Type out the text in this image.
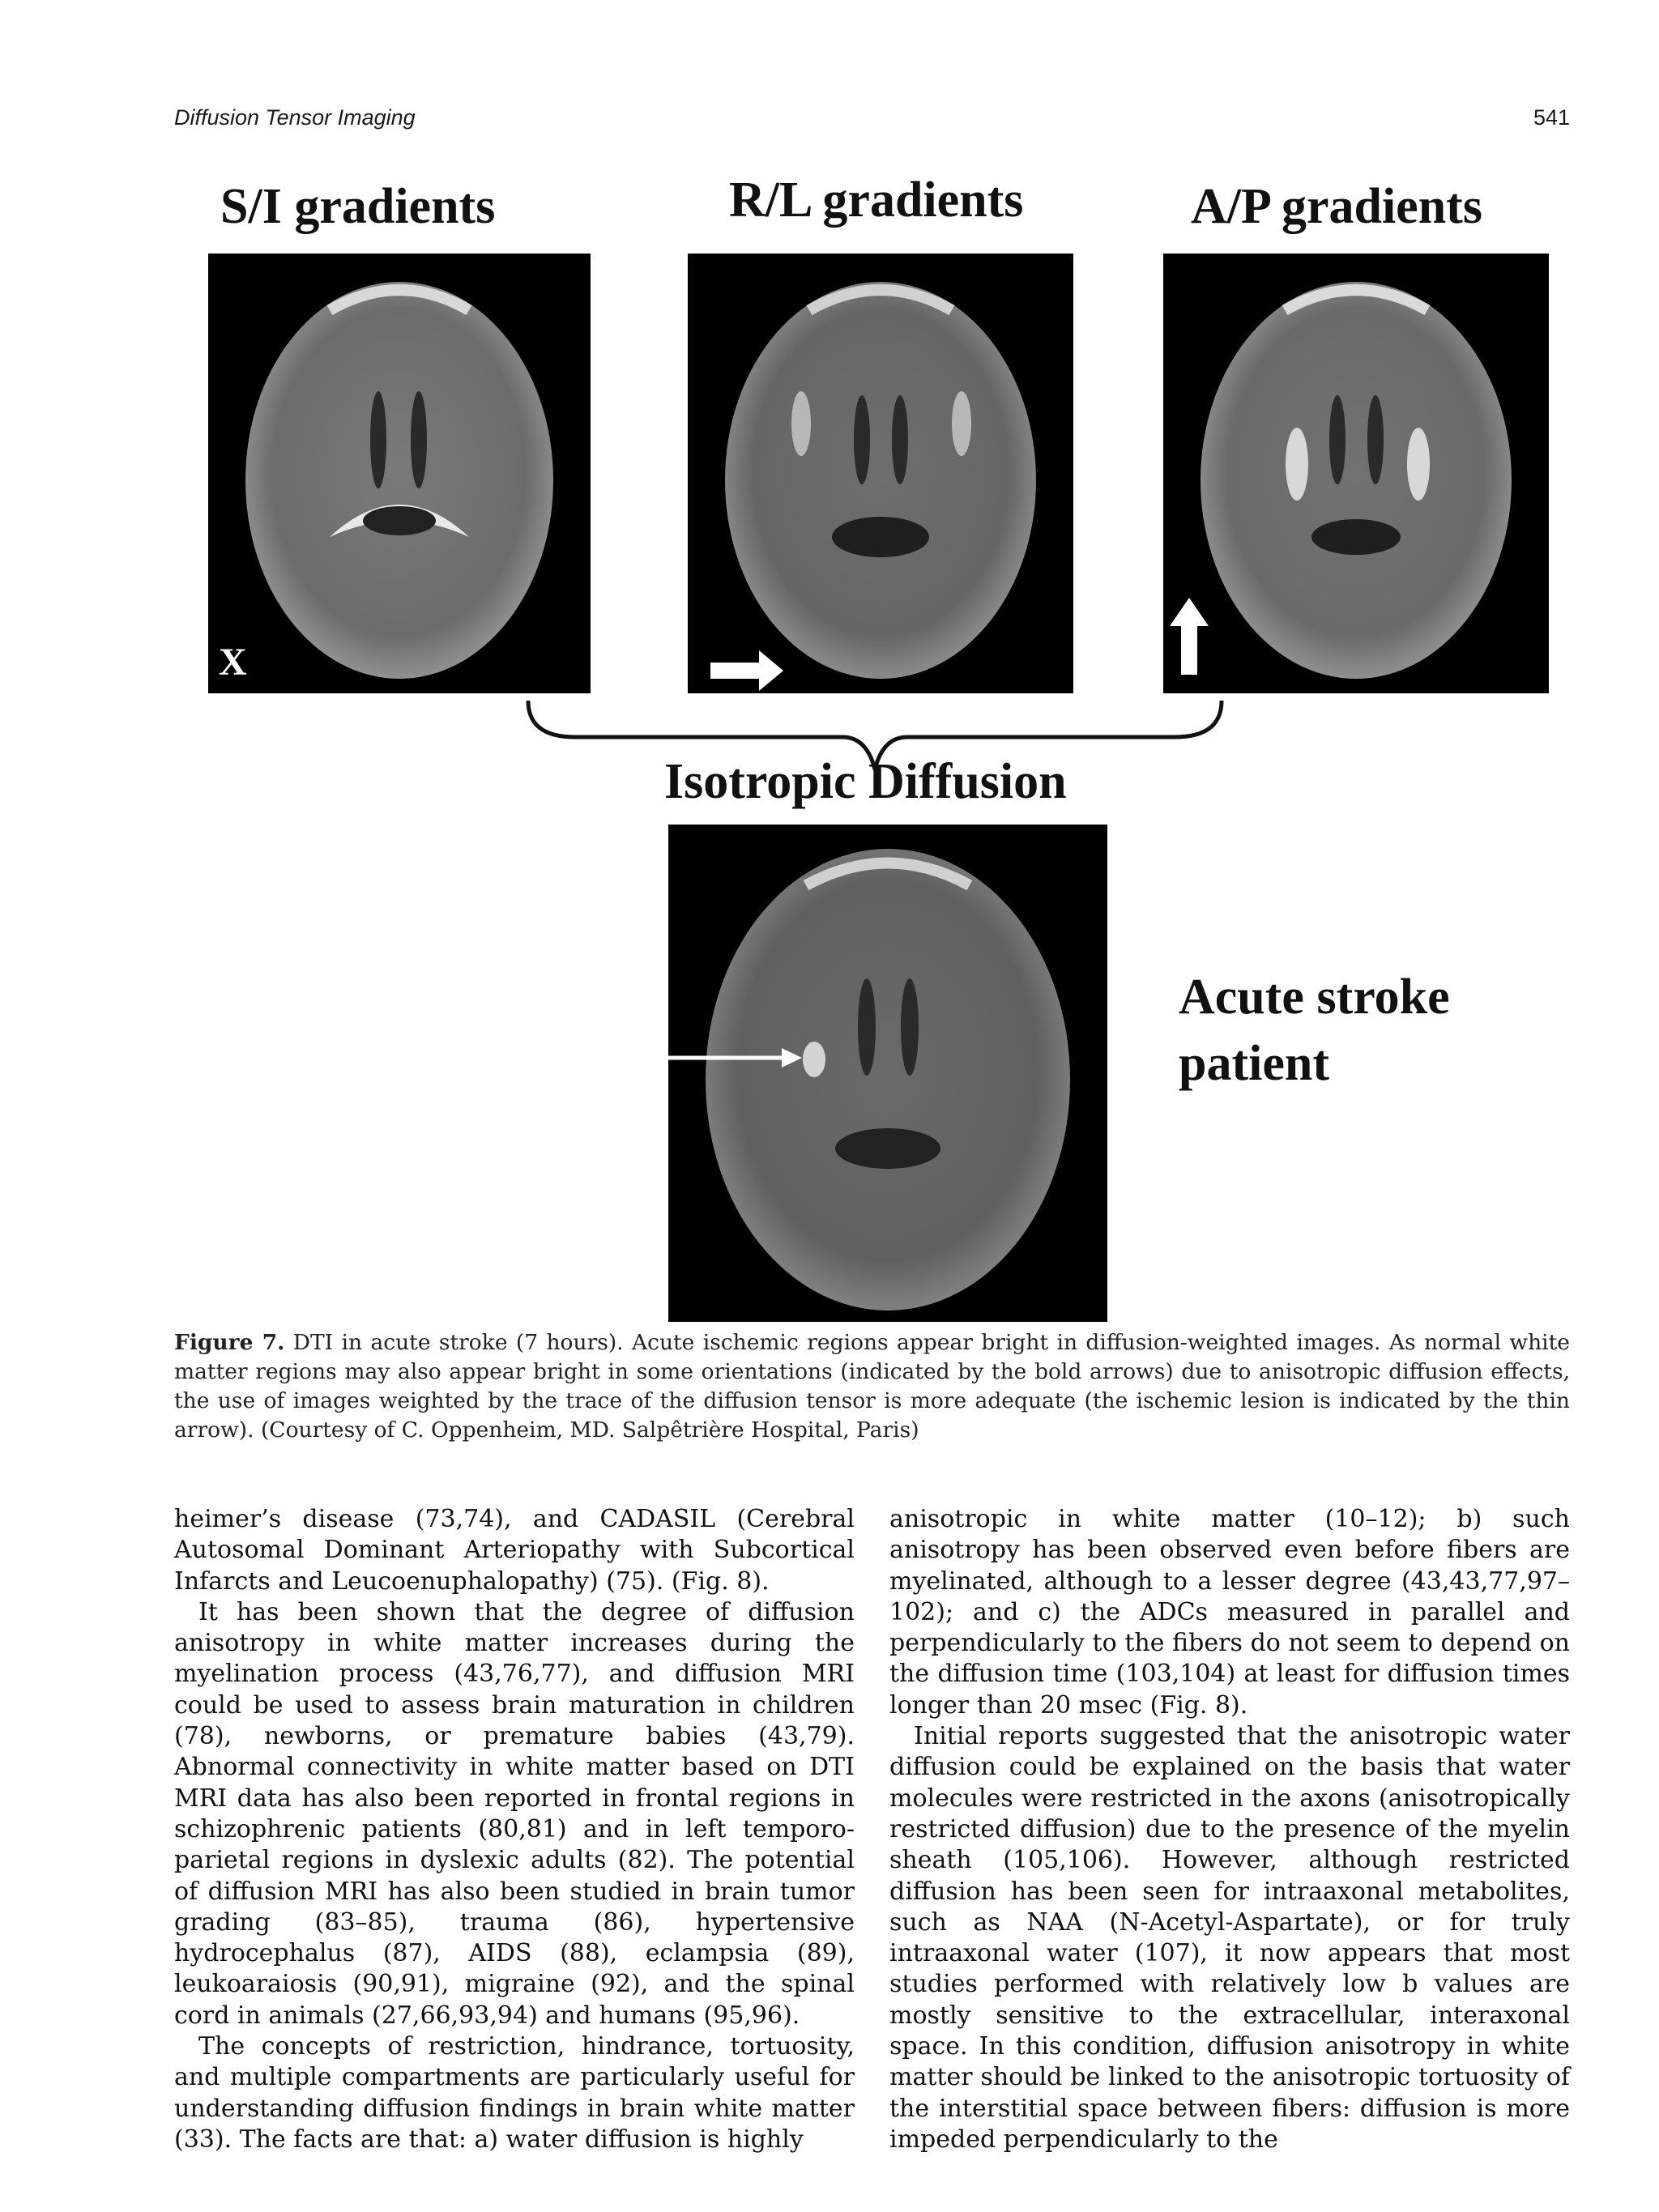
Diffusion Tensor Imaging	541
S/I gradients	R/L gradients	A/P gradients
X
Isotropic Diffusion
Acute stroke
patient
Figure 7. DTI in acute stroke (7 hours). Acute ischemic regions appear bright in diffusion-weighted images. As normal white matter regions may also appear bright in some orientations (indicated by the bold arrows) due to anisotropic diffusion effects, the use of images weighted by the trace of the diffusion tensor is more adequate (the ischemic lesion is indicated by the thin arrow). (Courtesy of C. Oppenheim, MD. Salpêtrière Hospital, Paris)

heimer’s disease (73,74), and CADASIL (Cerebral Autosomal Dominant Arteriopathy with Subcortical Infarcts and Leucoenuphalopathy) (75). (Fig. 8).

It has been shown that the degree of diffusion anisotropy in white matter increases during the myelination process (43,76,77), and diffusion MRI could be used to assess brain maturation in children (78), newborns, or premature babies (43,79). Abnormal connectivity in white matter based on DTI MRI data has also been reported in frontal regions in schizophrenic patients (80,81) and in left temporo-parietal regions in dyslexic adults (82). The potential of diffusion MRI has also been studied in brain tumor grading (83–85), trauma (86), hypertensive hydrocephalus (87), AIDS (88), eclampsia (89), leukoaraiosis (90,91), migraine (92), and the spinal cord in animals (27,66,93,94) and humans (95,96).

The concepts of restriction, hindrance, tortuosity, and multiple compartments are particularly useful for understanding diffusion findings in brain white matter (33). The facts are that: a) water diffusion is highly

anisotropic in white matter (10–12); b) such anisotropy has been observed even before fibers are myelinated, although to a lesser degree (43,43,77,97–102); and c) the ADCs measured in parallel and perpendicularly to the fibers do not seem to depend on the diffusion time (103,104) at least for diffusion times longer than 20 msec (Fig. 8).

Initial reports suggested that the anisotropic water diffusion could be explained on the basis that water molecules were restricted in the axons (anisotropically restricted diffusion) due to the presence of the myelin sheath (105,106). However, although restricted diffusion has been seen for intraaxonal metabolites, such as NAA (N-Acetyl-Aspartate), or for truly intraaxonal water (107), it now appears that most studies performed with relatively low b values are mostly sensitive to the extracellular, interaxonal space. In this condition, diffusion anisotropy in white matter should be linked to the anisotropic tortuosity of the interstitial space between fibers: diffusion is more impeded perpendicularly to the
